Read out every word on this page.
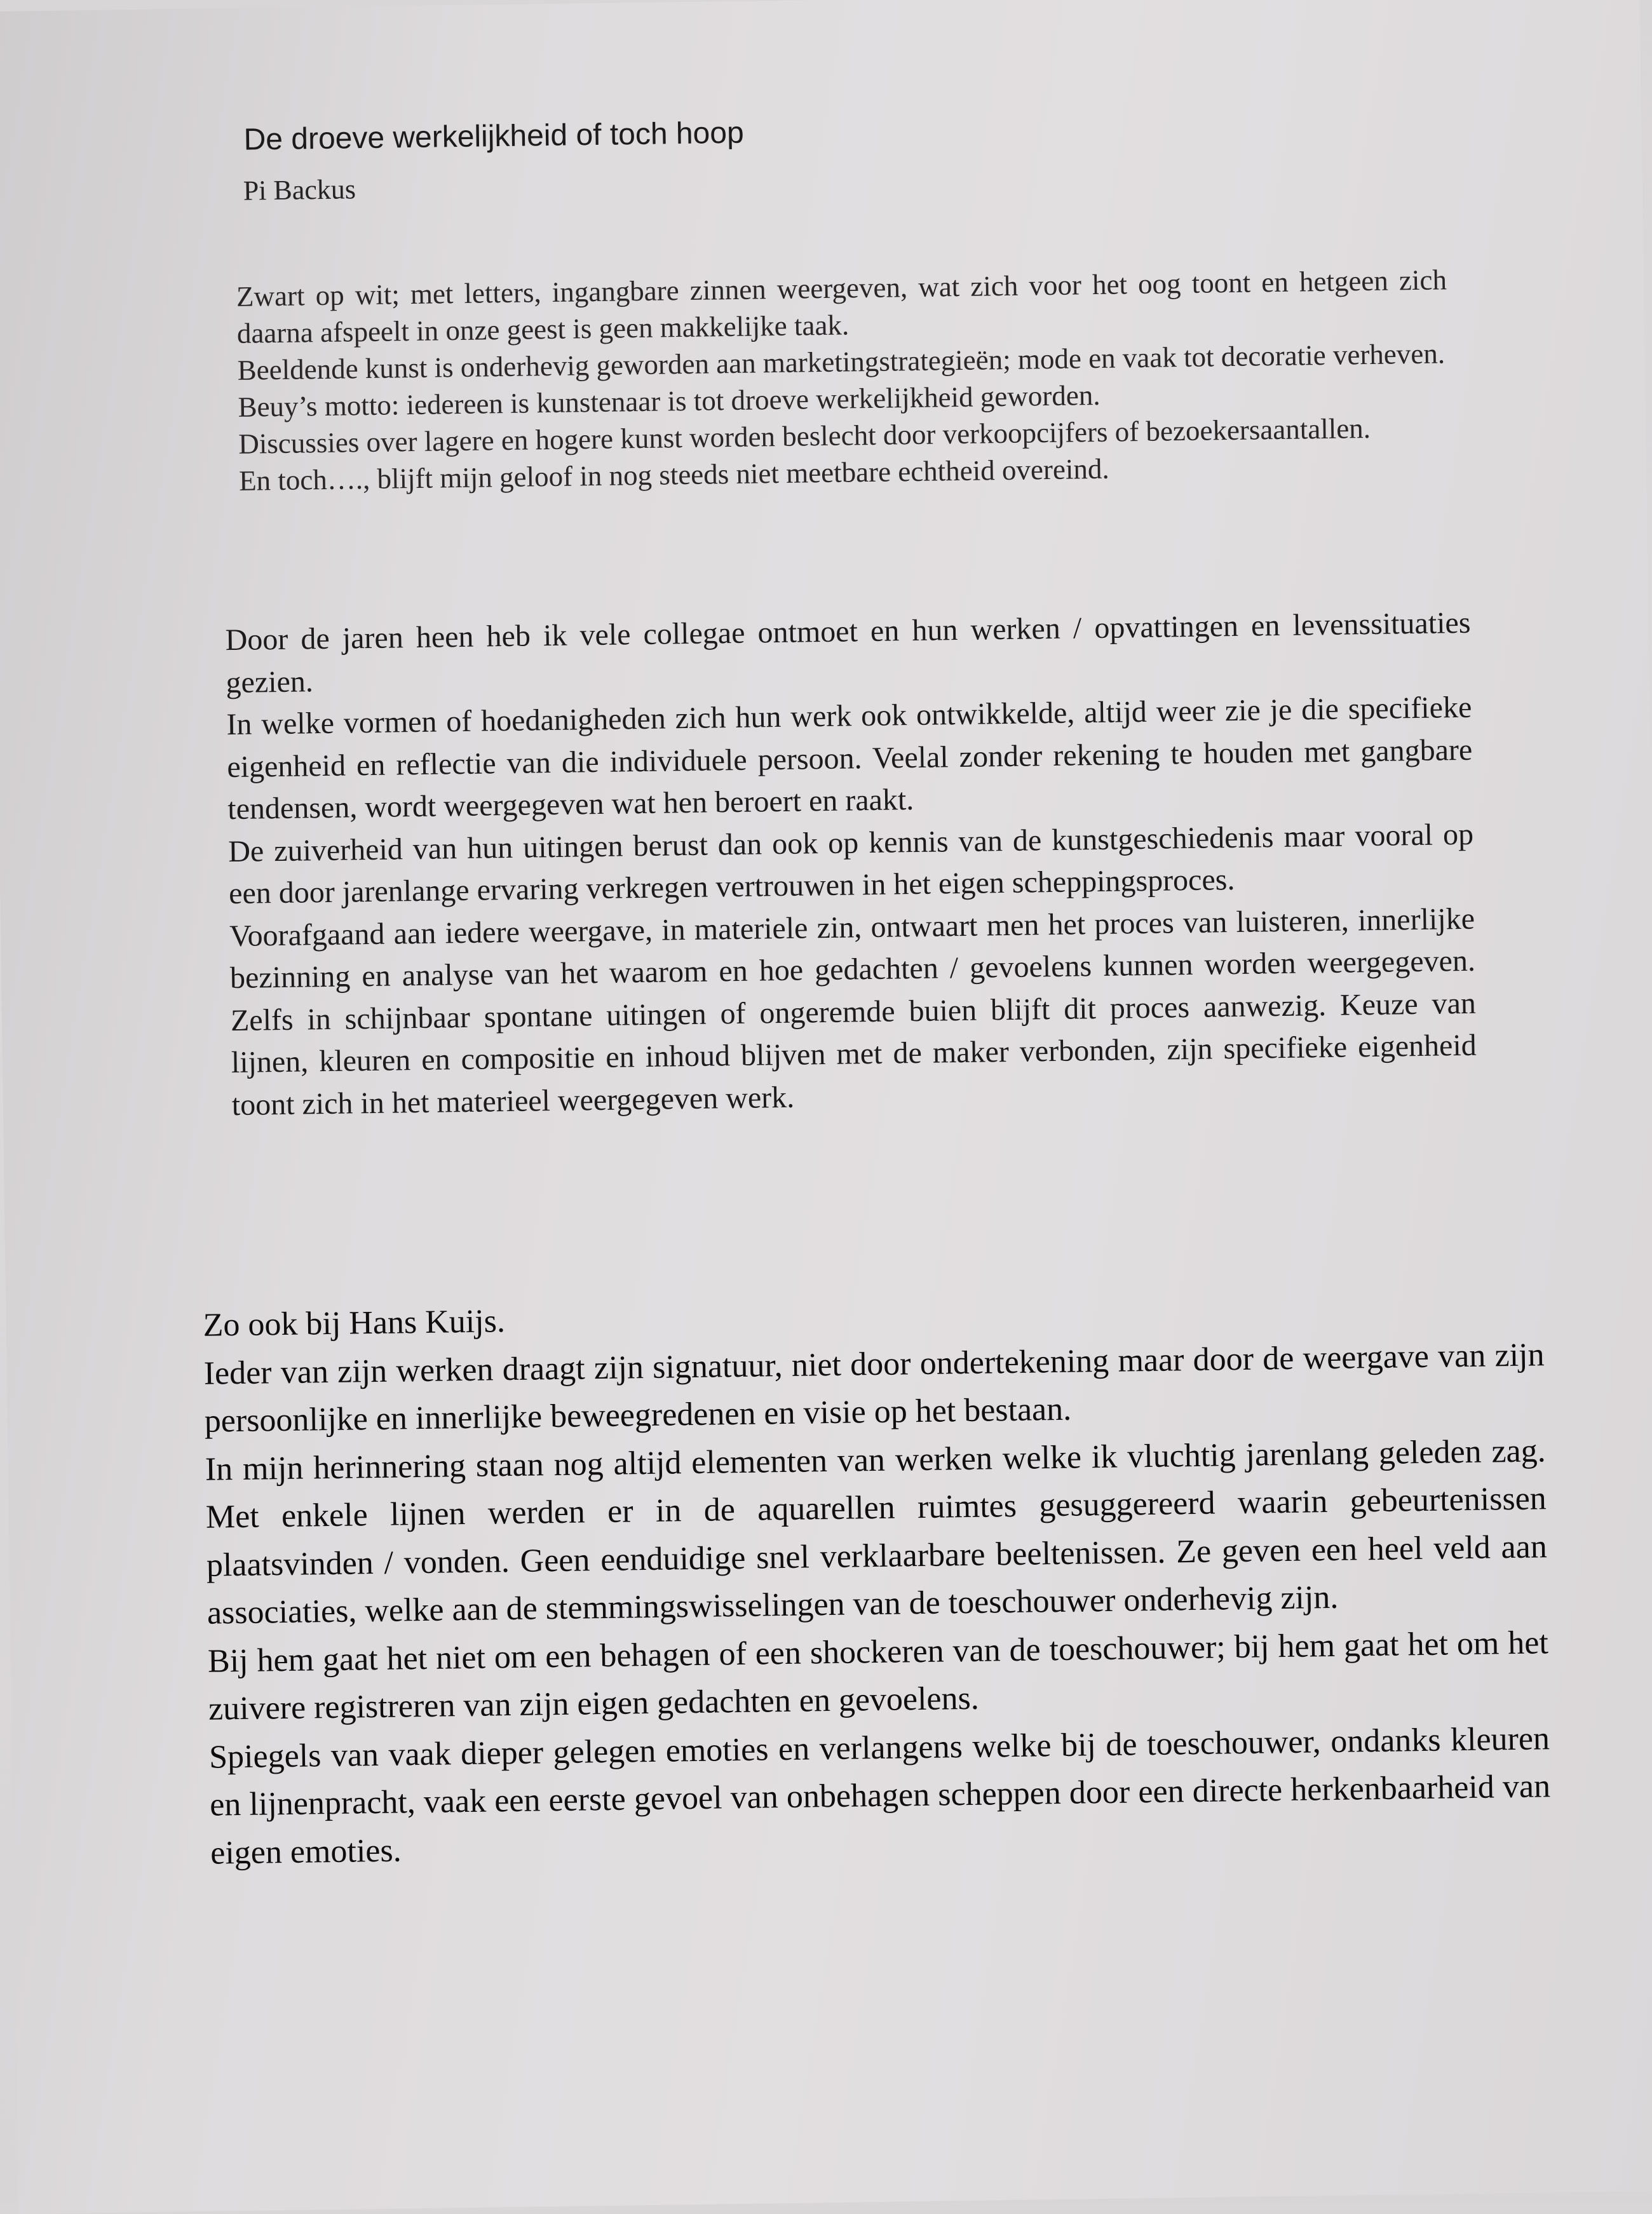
De droeve werkelijkheid of toch hoop
Pi Backus

Zwart op wit; met letters, ingangbare zinnen weergeven, wat zich voor het oog toont en hetgeen zich daarna afspeelt in onze geest is geen makkelijke taak.

Beeldende kunst is onderhevig geworden aan marketingstrategieën; mode en vaak tot decoratie verheven.

Beuy’s motto: iedereen is kunstenaar is tot droeve werkelijkheid geworden.

Discussies over lagere en hogere kunst worden beslecht door verkoopcijfers of bezoekersaantallen.

En toch…., blijft mijn geloof in nog steeds niet meetbare echtheid overeind.

Door de jaren heen heb ik vele collegae ontmoet en hun werken / opvattingen en levenssituaties gezien.

In welke vormen of hoedanigheden zich hun werk ook ontwikkelde, altijd weer zie je die specifieke eigenheid en reflectie van die individuele persoon. Veelal zonder rekening te houden met gangbare tendensen, wordt weergegeven wat hen beroert en raakt.

De zuiverheid van hun uitingen berust dan ook op kennis van de kunstgeschiedenis maar vooral op een door jarenlange ervaring verkregen vertrouwen in het eigen scheppingsproces.

Voorafgaand aan iedere weergave, in materiele zin, ontwaart men het proces van luisteren, innerlijke bezinning en analyse van het waarom en hoe gedachten / gevoelens kunnen worden weergegeven. Zelfs in schijnbaar spontane uitingen of ongeremde buien blijft dit proces aanwezig. Keuze van lijnen, kleuren en compositie en inhoud blijven met de maker verbonden, zijn specifieke eigenheid toont zich in het materieel weergegeven werk.

Zo ook bij Hans Kuijs.

Ieder van zijn werken draagt zijn signatuur, niet door ondertekening maar door de weergave van zijn persoonlijke en innerlijke beweegredenen en visie op het bestaan.

In mijn herinnering staan nog altijd elementen van werken welke ik vluchtig jarenlang geleden zag. Met enkele lijnen werden er in de aquarellen ruimtes gesuggereerd waarin gebeurtenissen plaatsvinden / vonden. Geen eenduidige snel verklaarbare beeltenissen. Ze geven een heel veld aan associaties, welke aan de stemmingswisselingen van de toeschouwer onderhevig zijn.

Bij hem gaat het niet om een behagen of een shockeren van de toeschouwer; bij hem gaat het om het zuivere registreren van zijn eigen gedachten en gevoelens.

Spiegels van vaak dieper gelegen emoties en verlangens welke bij de toeschouwer, ondanks kleuren en lijnenpracht, vaak een eerste gevoel van onbehagen scheppen door een directe herkenbaarheid van eigen emoties.
